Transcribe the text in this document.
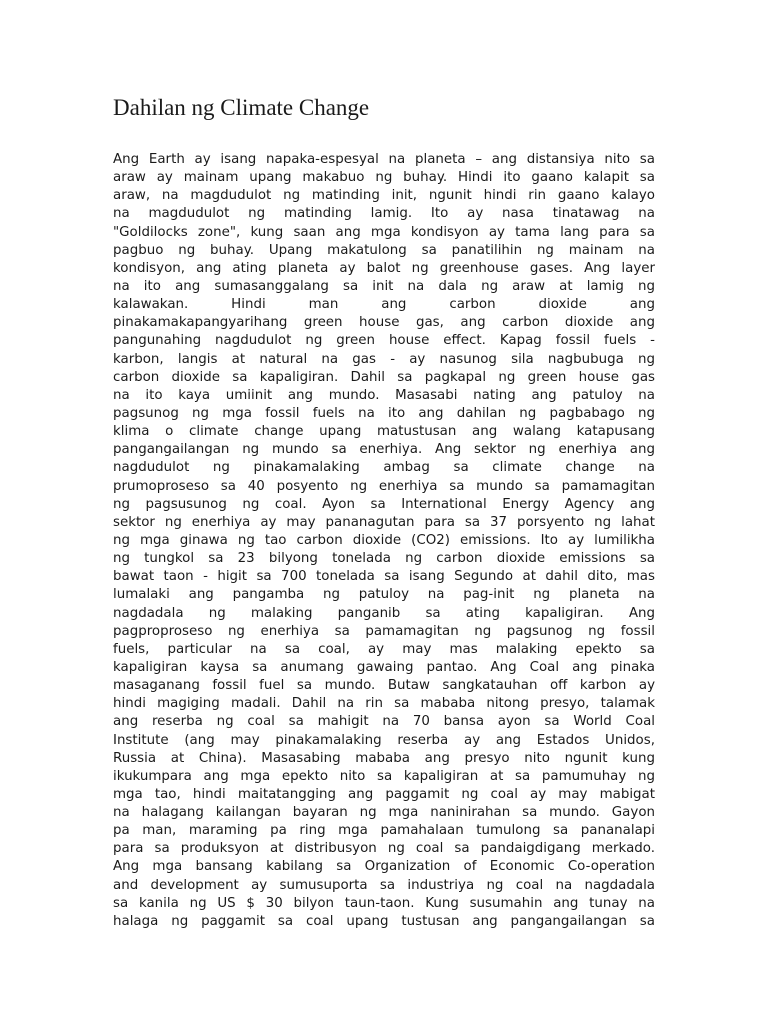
Dahilan ng Climate Change
Ang Earth ay isang napaka-espesyal na planeta – ang distansiya nito sa
araw ay mainam upang makabuo ng buhay. Hindi ito gaano kalapit sa
araw, na magdudulot ng matinding init, ngunit hindi rin gaano kalayo
na magdudulot ng matinding lamig. Ito ay nasa tinatawag na
"Goldilocks zone", kung saan ang mga kondisyon ay tama lang para sa
pagbuo ng buhay. Upang makatulong sa panatilihin ng mainam na
kondisyon, ang ating planeta ay balot ng greenhouse gases. Ang layer
na ito ang sumasanggalang sa init na dala ng araw at lamig ng
kalawakan. Hindi man ang carbon dioxide ang
pinakamakapangyarihang green house gas, ang carbon dioxide ang
pangunahing nagdudulot ng green house effect. Kapag fossil fuels -
karbon, langis at natural na gas - ay nasunog sila nagbubuga ng
carbon dioxide sa kapaligiran. Dahil sa pagkapal ng green house gas
na ito kaya umiinit ang mundo. Masasabi nating ang patuloy na
pagsunog ng mga fossil fuels na ito ang dahilan ng pagbabago ng
klima o climate change upang matustusan ang walang katapusang
pangangailangan ng mundo sa enerhiya. Ang sektor ng enerhiya ang
nagdudulot ng pinakamalaking ambag sa climate change na
prumoproseso sa 40 posyento ng enerhiya sa mundo sa pamamagitan
ng pagsusunog ng coal. Ayon sa International Energy Agency ang
sektor ng enerhiya ay may pananagutan para sa 37 porsyento ng lahat
ng mga ginawa ng tao carbon dioxide (CO2) emissions. Ito ay lumilikha
ng tungkol sa 23 bilyong tonelada ng carbon dioxide emissions sa
bawat taon - higit sa 700 tonelada sa isang Segundo at dahil dito, mas
lumalaki ang pangamba ng patuloy na pag-init ng planeta na
nagdadala ng malaking panganib sa ating kapaligiran. Ang
pagproproseso ng enerhiya sa pamamagitan ng pagsunog ng fossil
fuels, particular na sa coal, ay may mas malaking epekto sa
kapaligiran kaysa sa anumang gawaing pantao. Ang Coal ang pinaka
masaganang fossil fuel sa mundo. Butaw sangkatauhan off karbon ay
hindi magiging madali. Dahil na rin sa mababa nitong presyo, talamak
ang reserba ng coal sa mahigit na 70 bansa ayon sa World Coal
Institute (ang may pinakamalaking reserba ay ang Estados Unidos,
Russia at China). Masasabing mababa ang presyo nito ngunit kung
ikukumpara ang mga epekto nito sa kapaligiran at sa pamumuhay ng
mga tao, hindi maitatangging ang paggamit ng coal ay may mabigat
na halagang kailangan bayaran ng mga naninirahan sa mundo. Gayon
pa man, maraming pa ring mga pamahalaan tumulong sa pananalapi
para sa produksyon at distribusyon ng coal sa pandaigdigang merkado.
Ang mga bansang kabilang sa Organization of Economic Co-operation
and development ay sumusuporta sa industriya ng coal na nagdadala
sa kanila ng US $ 30 bilyon taun-taon. Kung susumahin ang tunay na
halaga ng paggamit sa coal upang tustusan ang pangangailangan sa
